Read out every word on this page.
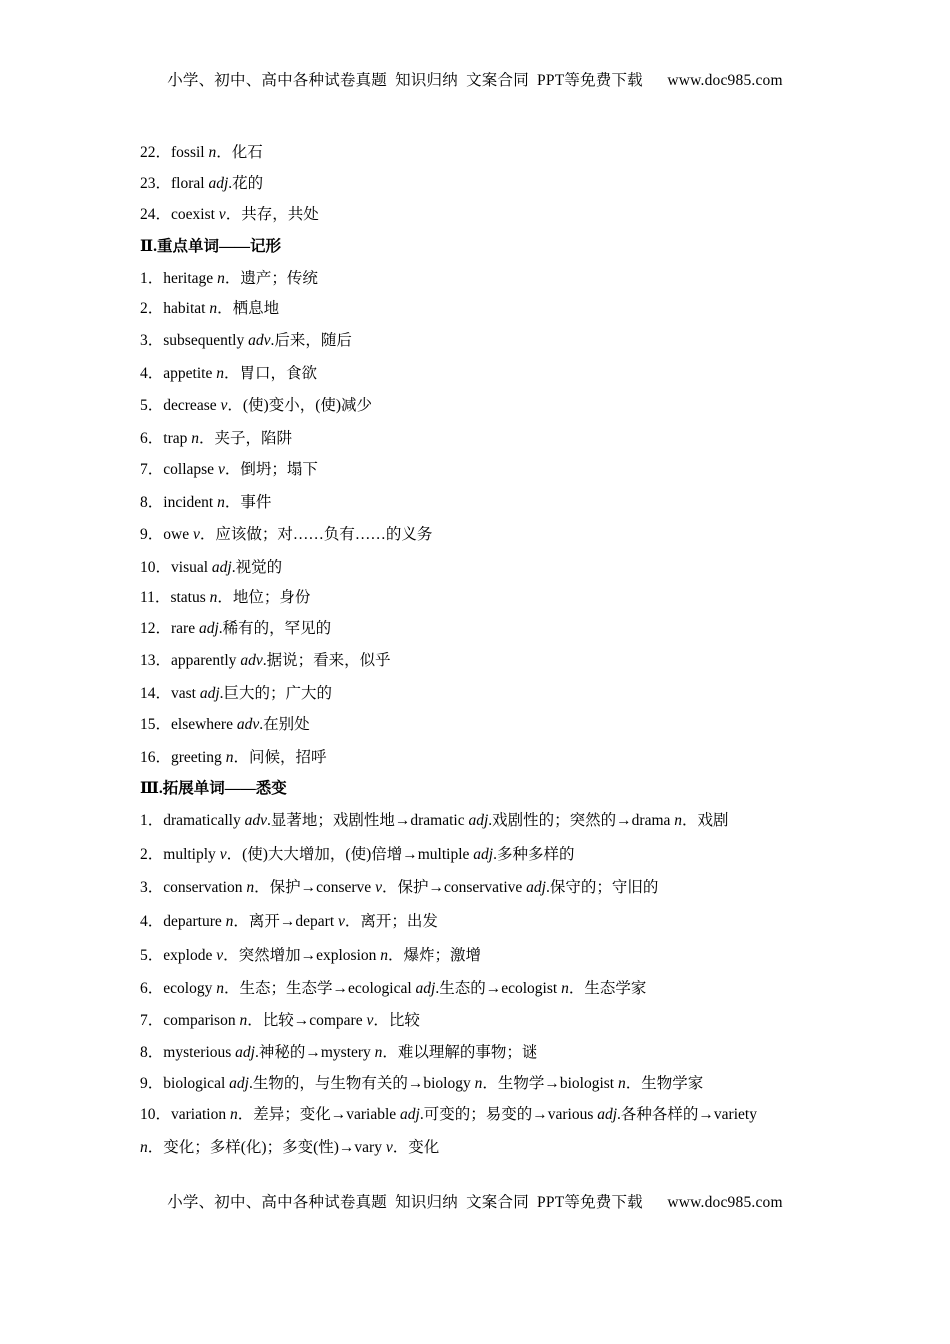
小学、初中、高中各种试卷真题  知识归纳  文案合同  PPT等免费下载 www.doc985.com
22．fossil n．化石
23．floral adj.花的
24．coexist v．共存，共处
Ⅱ.重点单词——记形
1．heritage n．遗产；传统
2．habitat n．栖息地
3．subsequently adv.后来，随后
4．appetite n．胃口，食欲
5．decrease v．(使)变小，(使)减少
6．trap n．夹子，陷阱
7．collapse v．倒坍；塌下
8．incident n．事件
9．owe v．应该做；对……负有……的义务
10．visual adj.视觉的
11．status n．地位；身份
12．rare adj.稀有的，罕见的
13．apparently adv.据说；看来，似乎
14．vast adj.巨大的；广大的
15．elsewhere adv.在别处
16．greeting n．问候，招呼
Ⅲ.拓展单词——悉变
1．dramatically adv.显著地；戏剧性地→dramatic adj.戏剧性的；突然的→drama n．戏剧
2．multiply v．(使)大大增加，(使)倍增→multiple adj.多种多样的
3．conservation n．保护→conserve v．保护→conservative adj.保守的；守旧的
4．departure n．离开→depart v．离开；出发
5．explode v．突然增加→explosion n．爆炸；激增
6．ecology n．生态；生态学→ecological adj.生态的→ecologist n．生态学家
7．comparison n．比较→compare v．比较
8．mysterious adj.神秘的→mystery n．难以理解的事物；谜
9．biological adj.生物的，与生物有关的→biology n．生物学→biologist n．生物学家
10．variation n．差异；变化→variable adj.可变的；易变的→various adj.各种各样的→variety
n．变化；多样(化)；多变(性)→vary v．变化
小学、初中、高中各种试卷真题  知识归纳  文案合同  PPT等免费下载 www.doc985.com
